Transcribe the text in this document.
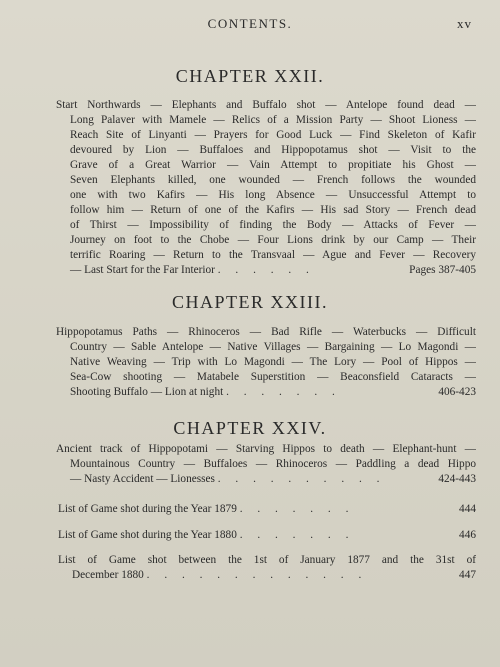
CONTENTS.	xv
CHAPTER XXII.
Start Northwards — Elephants and Buffalo shot — Antelope found dead —
Long Palaver with Mamele — Relics of a Mission Party — Shoot Lioness —
Reach Site of Linyanti — Prayers for Good Luck — Find Skeleton of Kafir
devoured by Lion — Buffaloes and Hippopotamus shot — Visit to the
Grave of a Great Warrior — Vain Attempt to propitiate his Ghost —
Seven Elephants killed, one wounded — French follows the wounded
one with two Kafirs — His long Absence — Unsuccessful Attempt to
follow him — Return of one of the Kafirs — His sad Story — French dead
of Thirst — Impossibility of finding the Body — Attacks of Fever —
Journey on foot to the Chobe — Four Lions drink by our Camp — Their
terrific Roaring — Return to the Transvaal — Ague and Fever — Recovery
— Last Start for the Far Interior . . . . . .	Pages 387-405
CHAPTER XXIII.
Hippopotamus Paths — Rhinoceros — Bad Rifle — Waterbucks — Difficult
Country — Sable Antelope — Native Villages — Bargaining — Lo Magondi —
Native Weaving — Trip with Lo Magondi — The Lory — Pool of Hippos —
Sea-Cow shooting — Matabele Superstition — Beaconsfield Cataracts —
Shooting Buffalo — Lion at night . . . . . . .	406-423
CHAPTER XXIV.
Ancient track of Hippopotami — Starving Hippos to death — Elephant-hunt —
Mountainous Country — Buffaloes — Rhinoceros — Paddling a dead Hippo
— Nasty Accident — Lionesses . . . . . . . . . .	424-443
List of Game shot during the Year 1879 . . . . . . .	444
List of Game shot during the Year 1880 . . . . . . .	446
List of Game shot between the 1st of January 1877 and the 31st of
December 1880 . . . . . . . . . . . . .	447
